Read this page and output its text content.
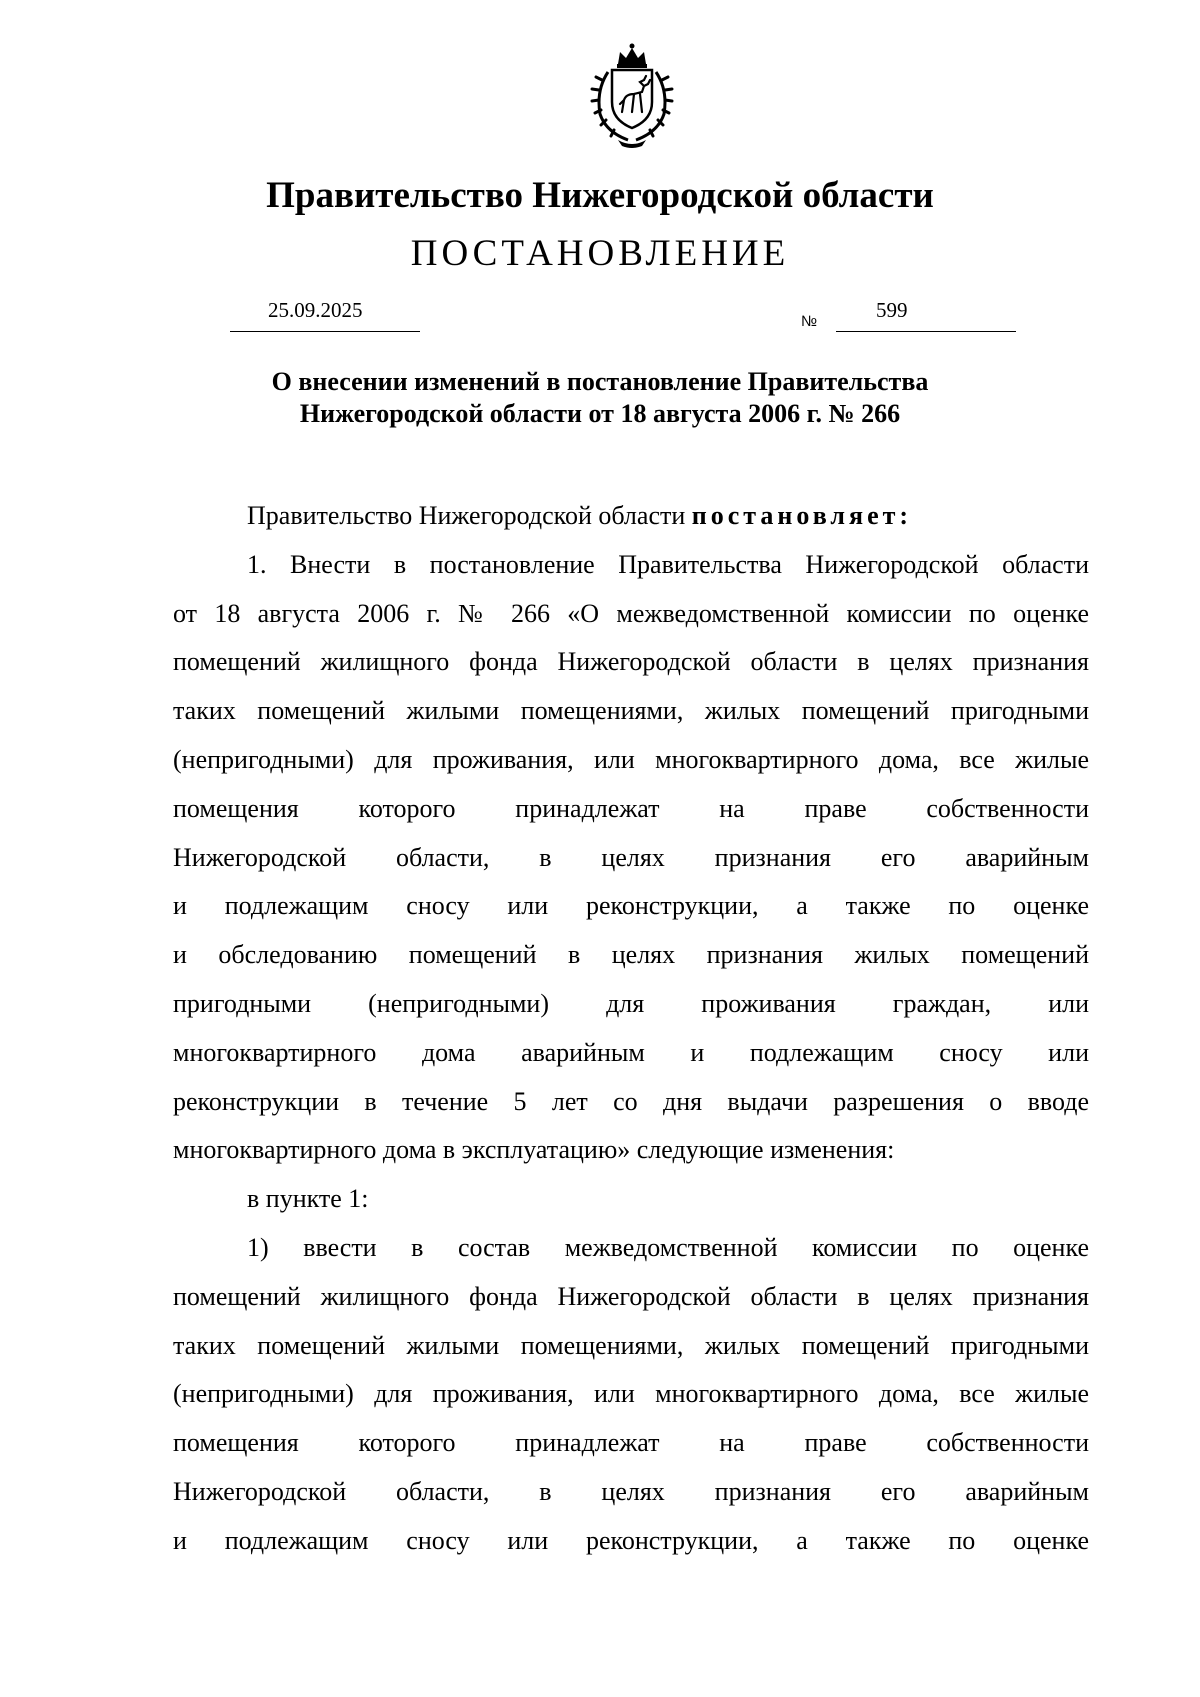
Правительство Нижегородской области
ПОСТАНОВЛЕНИЕ
25.09.2025	№	599
О внесении изменений в постановление Правительства
Нижегородской области от 18 августа 2006 г. № 266
Правительство Нижегородской области постановляет:
1. Внести в постановление Правительства Нижегородской области
от 18 августа 2006 г. № 266 «О межведомственной комиссии по оценке
помещений жилищного фонда Нижегородской области в целях признания
таких помещений жилыми помещениями, жилых помещений пригодными
(непригодными) для проживания, или многоквартирного дома, все жилые
помещения которого принадлежат на праве собственности
Нижегородской области, в целях признания его аварийным
и подлежащим сносу или реконструкции, а также по оценке
и обследованию помещений в целях признания жилых помещений
пригодными (непригодными) для проживания граждан, или
многоквартирного дома аварийным и подлежащим сносу или
реконструкции в течение 5 лет со дня выдачи разрешения о вводе
многоквартирного дома в эксплуатацию» следующие изменения:
в пункте 1:
1) ввести в состав межведомственной комиссии по оценке
помещений жилищного фонда Нижегородской области в целях признания
таких помещений жилыми помещениями, жилых помещений пригодными
(непригодными) для проживания, или многоквартирного дома, все жилые
помещения которого принадлежат на праве собственности
Нижегородской области, в целях признания его аварийным
и подлежащим сносу или реконструкции, а также по оценке
